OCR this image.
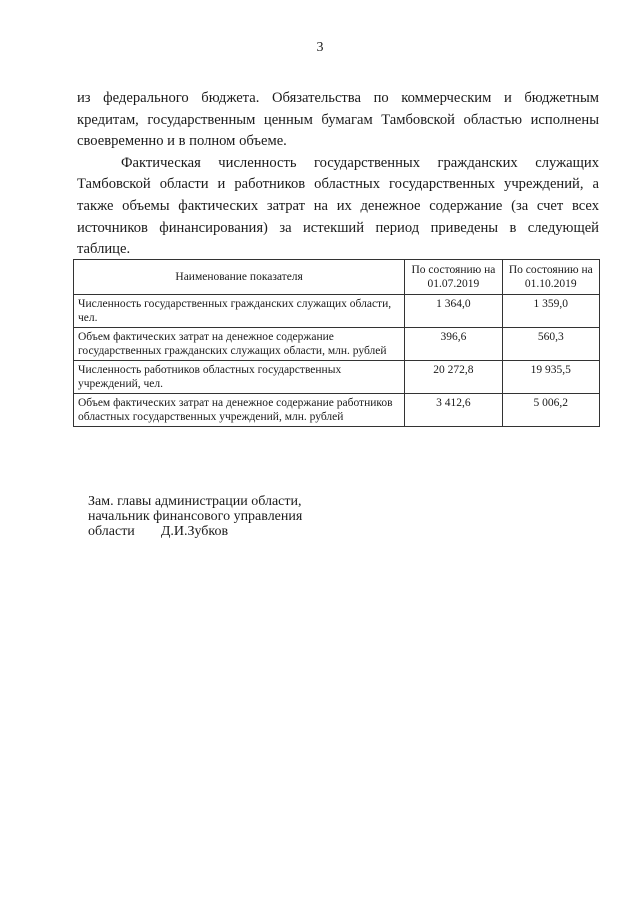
3

из федерального бюджета. Обязательства по коммерческим и бюджетным кредитам, государственным ценным бумагам Тамбовской областью исполнены своевременно и в полном объеме.

Фактическая численность государственных гражданских служащих Тамбовской области и работников областных государственных учреждений, а также объемы фактических затрат на их денежное содержание (за счет всех источников финансирования) за истекший период приведены в следующей таблице.

Наименование показателя	По состоянию на 01.07.2019	По состоянию на 01.10.2019
Численность государственных гражданских служащих области, чел.	1 364,0	1 359,0
Объем фактических затрат на денежное содержание государственных гражданских служащих области, млн. рублей	396,6	560,3
Численность работников областных государственных учреждений, чел.	20 272,8	19 935,5
Объем фактических затрат на денежное содержание работников областных государственных учреждений, млн. рублей	3 412,6	5 006,2
Зам. главы администрации области,
начальник финансового управления
области Д.И.Зубков
